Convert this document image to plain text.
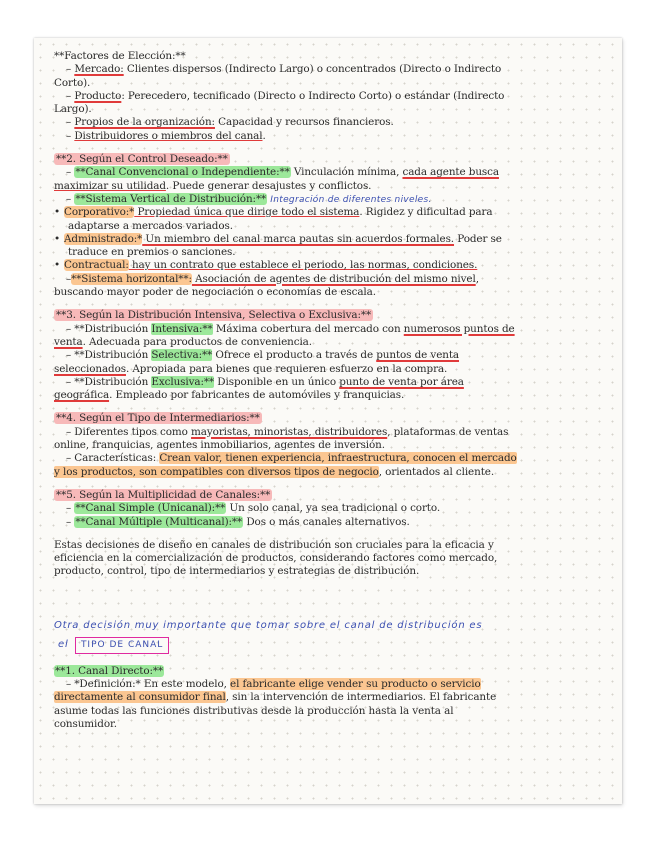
**Factores de Elección:**
– Mercado: Clientes dispersos (Indirecto Largo) o concentrados (Directo o Indirecto
Corto).
– Producto: Perecedero, tecnificado (Directo o Indirecto Corto) o estándar (Indirecto
Largo).
– Propios de la organización: Capacidad y recursos financieros.
– Distribuidores o miembros del canal.
**2. Según el Control Deseado:**
– **Canal Convencional o Independiente:** Vinculación mínima, cada agente busca
maximizar su utilidad. Puede generar desajustes y conflictos.
– **Sistema Vertical de Distribución:** Integración de diferentes niveles.
• Corporativo:* Propiedad única que dirige todo el sistema. Rigidez y dificultad para
adaptarse a mercados variados.
• Administrado:* Un miembro del canal marca pautas sin acuerdos formales. Poder se
traduce en premios o sanciones.
• Contractual: hay un contrato que establece el periodo, las normas, condiciones.
–**Sistema horizontal**: Asociación de agentes de distribución del mismo nivel,
buscando mayor poder de negociación o economías de escala.
**3. Según la Distribución Intensiva, Selectiva o Exclusiva:**
– **Distribución Intensiva:** Máxima cobertura del mercado con numerosos puntos de
venta. Adecuada para productos de conveniencia.
– **Distribución Selectiva:** Ofrece el producto a través de puntos de venta
seleccionados. Apropiada para bienes que requieren esfuerzo en la compra.
– **Distribución Exclusiva:** Disponible en un único punto de venta por área
geográfica. Empleado por fabricantes de automóviles y franquicias.
**4. Según el Tipo de Intermediarios:**
– Diferentes tipos como mayoristas, minoristas, distribuidores, plataformas de ventas
online, franquicias, agentes inmobiliarios, agentes de inversión.
– Características: Crean valor, tienen experiencia, infraestructura, conocen el mercado
y los productos, son compatibles con diversos tipos de negocio, orientados al cliente.
**5. Según la Multiplicidad de Canales:**
– **Canal Simple (Unicanal):** Un solo canal, ya sea tradicional o corto.
– **Canal Múltiple (Multicanal):** Dos o más canales alternativos.
Estas decisiones de diseño en canales de distribución son cruciales para la eficacia y
eficiencia en la comercialización de productos, considerando factores como mercado,
producto, control, tipo de intermediarios y estrategias de distribución.
Otra decisión muy importante que tomar sobre el canal de distribución es
el TIPO DE CANAL
**1. Canal Directo:**
– *Definición:* En este modelo, el fabricante elige vender su producto o servicio
directamente al consumidor final, sin la intervención de intermediarios. El fabricante
asume todas las funciones distributivas desde la producción hasta la venta al
consumidor.
